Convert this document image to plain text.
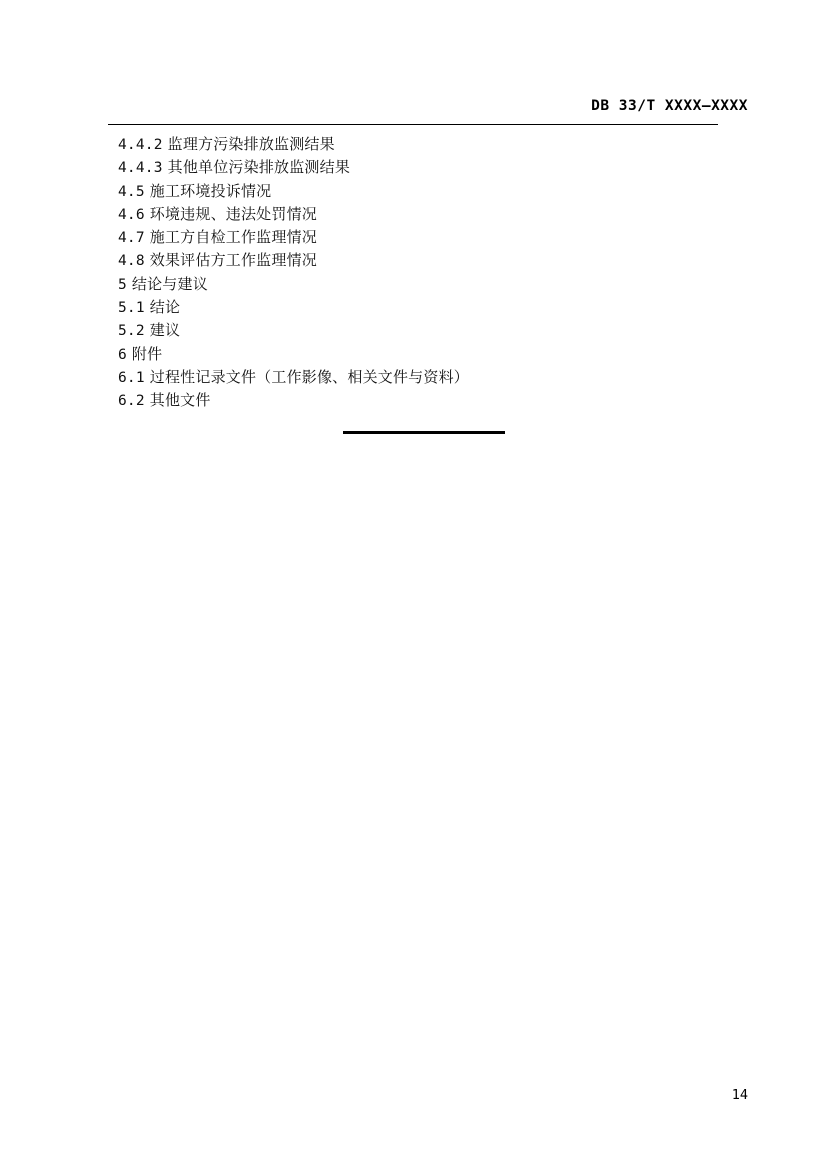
DB 33/T XXXX—XXXX
4.4.2 监理方污染排放监测结果
4.4.3 其他单位污染排放监测结果
4.5 施工环境投诉情况
4.6 环境违规、违法处罚情况
4.7 施工方自检工作监理情况
4.8 效果评估方工作监理情况
5 结论与建议
5.1 结论
5.2 建议
6 附件
6.1 过程性记录文件（工作影像、相关文件与资料）
6.2 其他文件
14
